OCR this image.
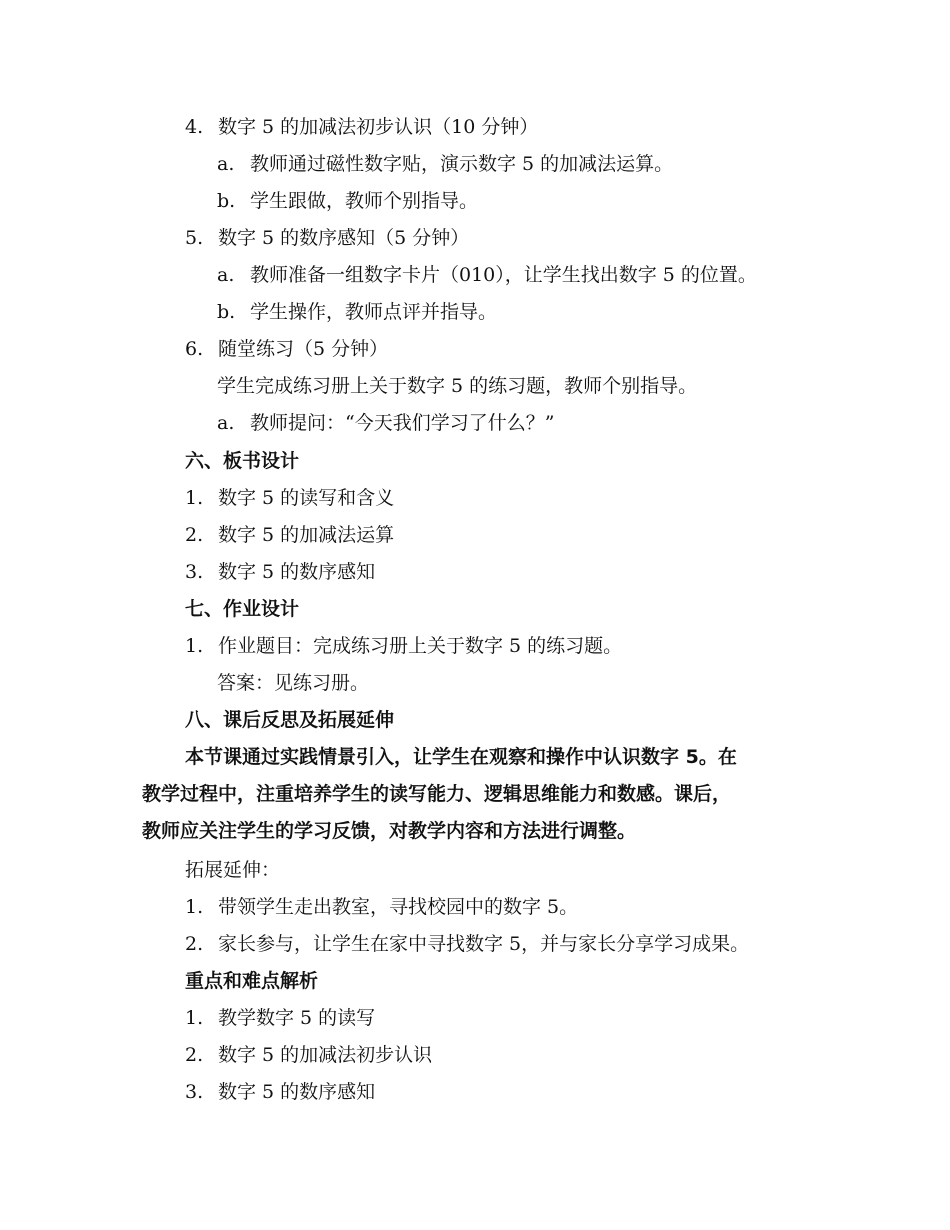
4. 数字 5 的加减法初步认识（10 分钟）
a. 教师通过磁性数字贴，演示数字 5 的加减法运算。
b. 学生跟做，教师个别指导。
5. 数字 5 的数序感知（5 分钟）
a. 教师准备一组数字卡片（010），让学生找出数字 5 的位置。
b. 学生操作，教师点评并指导。
6. 随堂练习（5 分钟）
学生完成练习册上关于数字 5 的练习题，教师个别指导。
a. 教师提问：“今天我们学习了什么？”
六、板书设计
1. 数字 5 的读写和含义
2. 数字 5 的加减法运算
3. 数字 5 的数序感知
七、作业设计
1. 作业题目：完成练习册上关于数字 5 的练习题。
答案：见练习册。
八、课后反思及拓展延伸
本节课通过实践情景引入，让学生在观察和操作中认识数字 5。在
教学过程中，注重培养学生的读写能力、逻辑思维能力和数感。课后，
教师应关注学生的学习反馈，对教学内容和方法进行调整。
拓展延伸：
1. 带领学生走出教室，寻找校园中的数字 5。
2. 家长参与，让学生在家中寻找数字 5，并与家长分享学习成果。
重点和难点解析
1. 教学数字 5 的读写
2. 数字 5 的加减法初步认识
3. 数字 5 的数序感知
